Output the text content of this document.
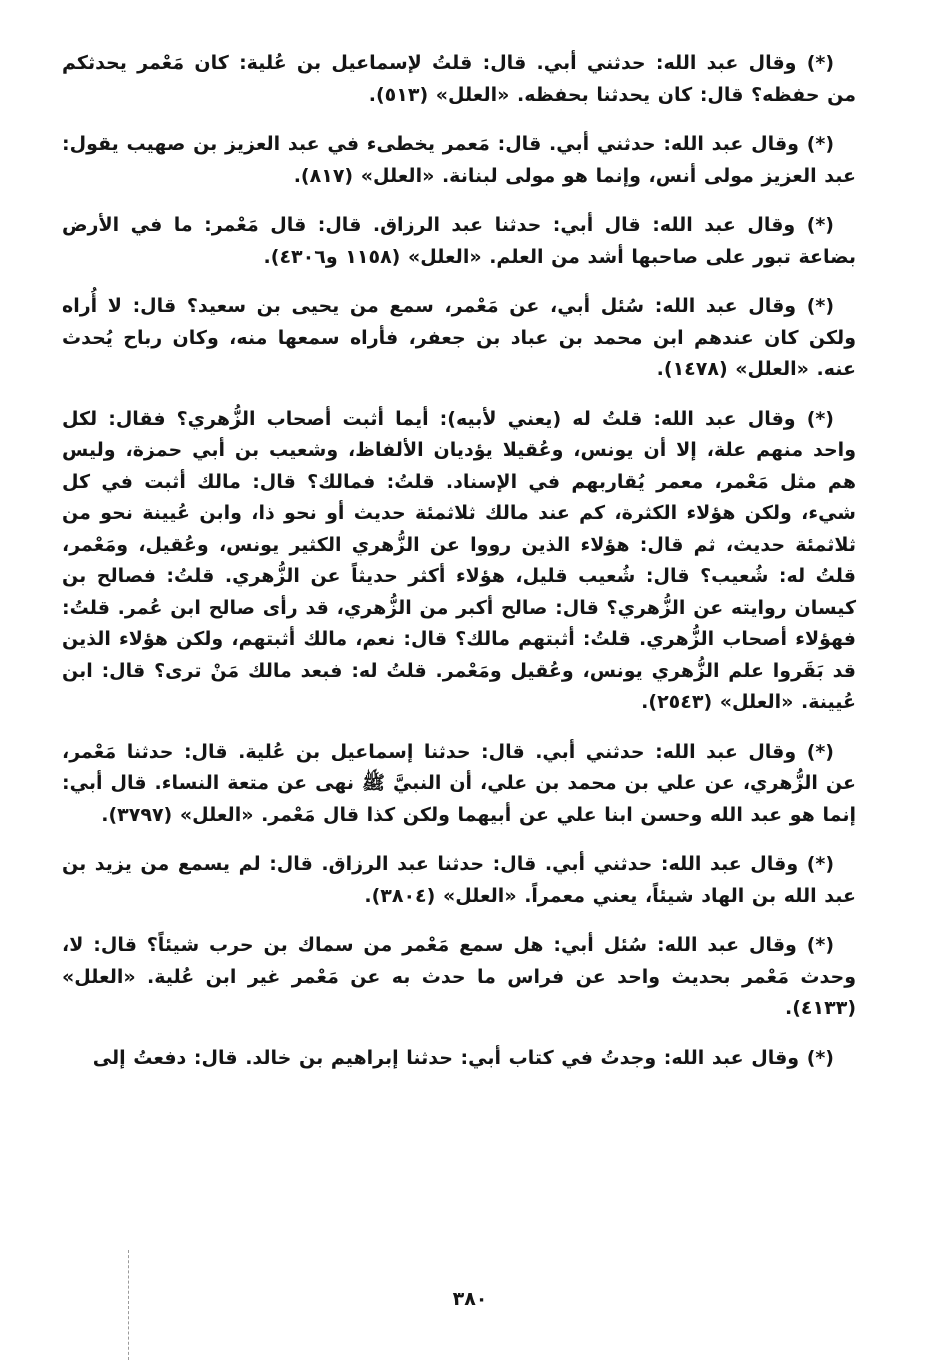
(*) وقال عبد الله: حدثني أبي. قال: قلتُ لإسماعيل بن عُلية: كان مَعْمر يحدثكم من حفظه؟ قال: كان يحدثنا بحفظه. «العلل» (٥١٣).

(*) وقال عبد الله: حدثني أبي. قال: مَعمر يخطىء في عبد العزيز بن صهيب يقول: عبد العزيز مولى أنس، وإنما هو مولى لبنانة. «العلل» (٨١٧).

(*) وقال عبد الله: قال أبي: حدثنا عبد الرزاق. قال: قال مَعْمر: ما في الأرض بضاعة تبور على صاحبها أشد من العلم. «العلل» (١١٥٨ و٤٣٠٦).

(*) وقال عبد الله: سُئل أبي، عن مَعْمر، سمع من يحيى بن سعيد؟ قال: لا أُراه ولكن كان عندهم ابن محمد بن عباد بن جعفر، فأراه سمعها منه، وكان رباح يُحدث عنه. «العلل» (١٤٧٨).

(*) وقال عبد الله: قلتُ له (يعني لأبيه): أيما أثبت أصحاب الزُّهري؟ فقال: لكل واحد منهم علة، إلا أن يونس، وعُقيلا يؤديان الألفاظ، وشعيب بن أبي حمزة، وليس هم مثل مَعْمر، معمر يُقاربهم في الإسناد. قلتُ: فمالك؟ قال: مالك أثبت في كل شيء، ولكن هؤلاء الكثرة، كم عند مالك ثلاثمئة حديث أو نحو ذا، وابن عُيينة نحو من ثلاثمئة حديث، ثم قال: هؤلاء الذين رووا عن الزُّهري الكثير يونس، وعُقيل، ومَعْمر، قلتُ له: شُعيب؟ قال: شُعيب قليل، هؤلاء أكثر حديثاً عن الزُّهري. قلتُ: فصالح بن كيسان روايته عن الزُّهري؟ قال: صالح أكبر من الزُّهري، قد رأى صالح ابن عُمر. قلتُ: فهؤلاء أصحاب الزُّهري. قلتُ: أثبتهم مالك؟ قال: نعم، مالك أثبتهم، ولكن هؤلاء الذين قد بَقَروا علم الزُّهري يونس، وعُقيل ومَعْمر. قلتُ له: فبعد مالك مَنْ ترى؟ قال: ابن عُيينة. «العلل» (٢٥٤٣).

(*) وقال عبد الله: حدثني أبي. قال: حدثنا إسماعيل بن عُلية. قال: حدثنا مَعْمر، عن الزُّهري، عن علي بن محمد بن علي، أن النبيَّ ﷺ نهى عن متعة النساء. قال أبي: إنما هو عبد الله وحسن ابنا علي عن أبيهما ولكن كذا قال مَعْمر. «العلل» (٣٧٩٧).

(*) وقال عبد الله: حدثني أبي. قال: حدثنا عبد الرزاق. قال: لم يسمع من يزيد بن عبد الله بن الهاد شيئاً، يعني معمراً. «العلل» (٣٨٠٤).

(*) وقال عبد الله: سُئل أبي: هل سمع مَعْمر من سماك بن حرب شيئاً؟ قال: لا، وحدث مَعْمر بحديث واحد عن فراس ما حدث به عن مَعْمر غير ابن عُلية. «العلل» (٤١٣٣).

(*) وقال عبد الله: وجدتُ في كتاب أبي: حدثنا إبراهيم بن خالد. قال: دفعتُ إلى

٣٨٠
